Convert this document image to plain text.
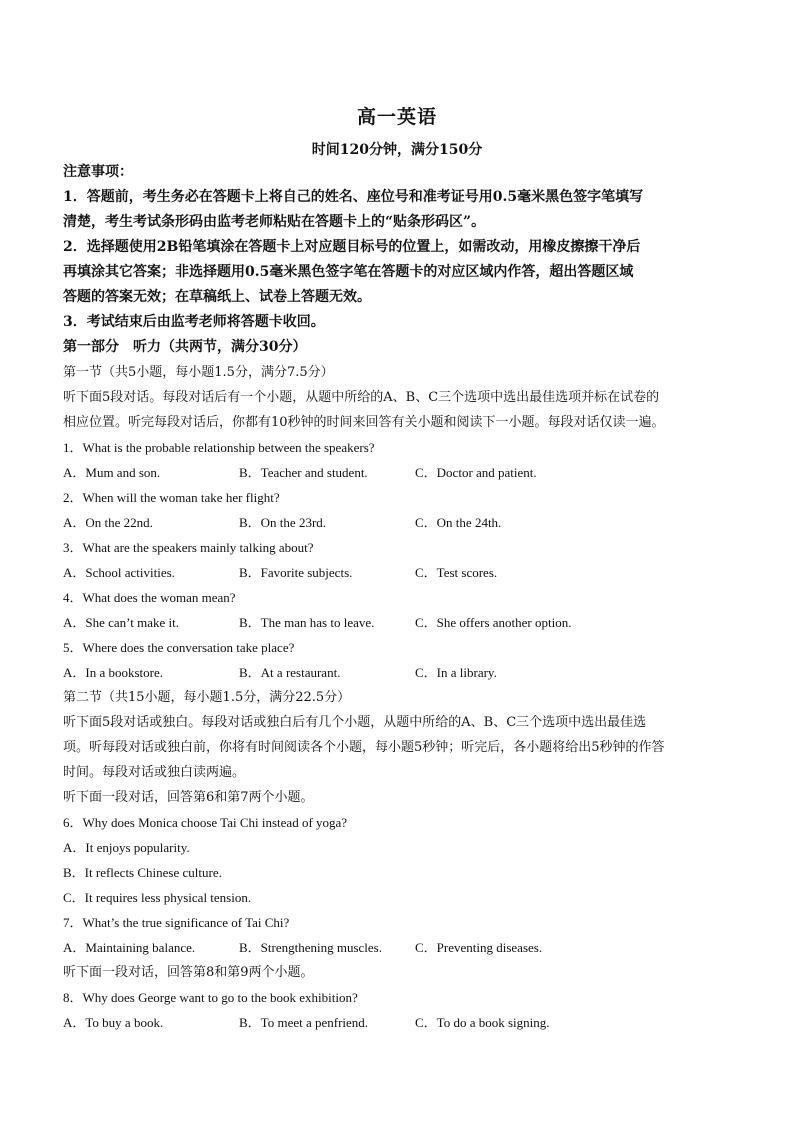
高一英语
时间120分钟，满分150分
注意事项：
1．答题前，考生务必在答题卡上将自己的姓名、座位号和准考证号用0.5毫米黑色签字笔填写
清楚，考生考试条形码由监考老师粘贴在答题卡上的“贴条形码区”。
2．选择题使用2B铅笔填涂在答题卡上对应题目标号的位置上，如需改动，用橡皮擦擦干净后
再填涂其它答案；非选择题用0.5毫米黑色签字笔在答题卡的对应区域内作答，超出答题区域
答题的答案无效；在草稿纸上、试卷上答题无效。
3．考试结束后由监考老师将答题卡收回。
第一部分　听力（共两节，满分30分）
第一节（共5小题，每小题1.5分，满分7.5分）
听下面5段对话。每段对话后有一个小题，从题中所给的A、B、C三个选项中选出最佳选项并标在试卷的
相应位置。听完每段对话后，你都有10秒钟的时间来回答有关小题和阅读下一小题。每段对话仅读一遍。
1．What is the probable relationship between the speakers?
A．Mum and son.	B．Teacher and student.	C．Doctor and patient.
2．When will the woman take her flight?
A．On the 22nd.	B．On the 23rd.	C．On the 24th.
3．What are the speakers mainly talking about?
A．School activities.	B．Favorite subjects.	C．Test scores.
4．What does the woman mean?
A．She can’t make it.	B．The man has to leave.	C．She offers another option.
5．Where does the conversation take place?
A．In a bookstore.	B．At a restaurant.	C．In a library.
第二节（共15小题，每小题1.5分，满分22.5分）
听下面5段对话或独白。每段对话或独白后有几个小题，从题中所给的A、B、C三个选项中选出最佳选
项。听每段对话或独白前，你将有时间阅读各个小题，每小题5秒钟；听完后，各小题将给出5秒钟的作答
时间。每段对话或独白读两遍。
听下面一段对话，回答第6和第7两个小题。
6．Why does Monica choose Tai Chi instead of yoga?
A．It enjoys popularity.
B．It reflects Chinese culture.
C．It requires less physical tension.
7．What’s the true significance of Tai Chi?
A．Maintaining balance.	B．Strengthening muscles.	C．Preventing diseases.
听下面一段对话，回答第8和第9两个小题。
8．Why does George want to go to the book exhibition?
A．To buy a book.	B．To meet a penfriend.	C．To do a book signing.
